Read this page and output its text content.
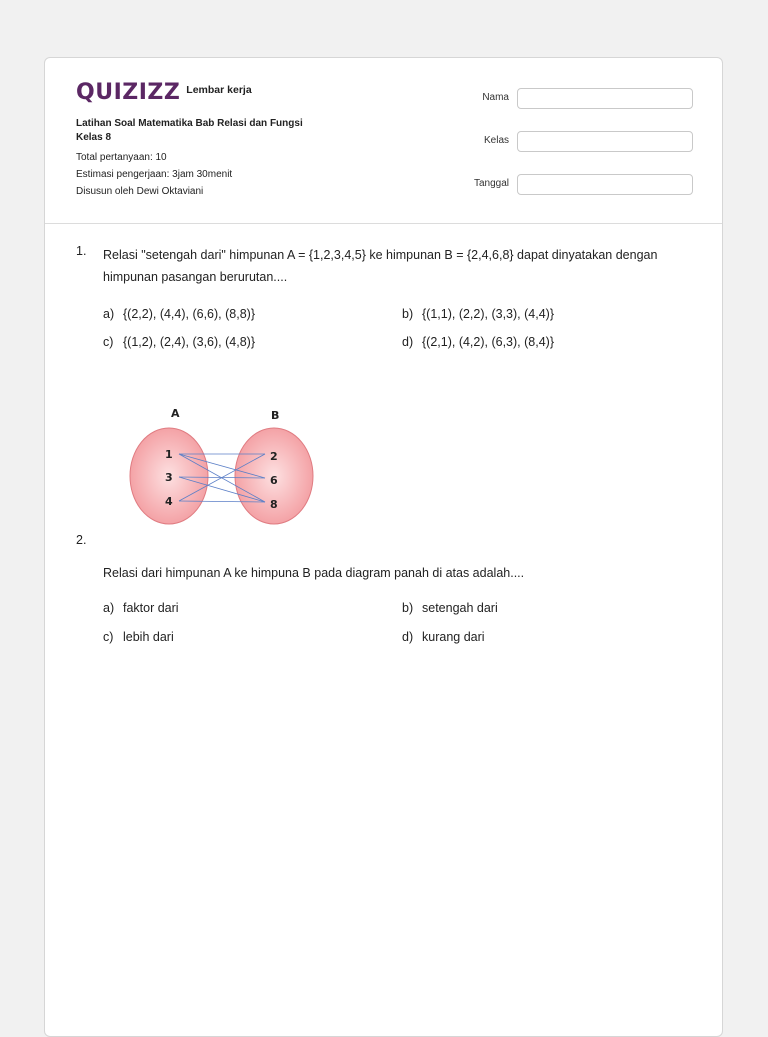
QUIZIZZ Lembar kerja
Latihan Soal Matematika Bab Relasi dan Fungsi
Kelas 8
Total pertanyaan: 10
Estimasi pengerjaan: 3jam 30menit
Disusun oleh Dewi Oktaviani
Nama
Kelas
Tanggal
1. Relasi "setengah dari" himpunan A = {1,2,3,4,5} ke himpunan B = {2,4,6,8} dapat dinyatakan dengan himpunan pasangan berurutan....
a) {(2,2), (4,4), (6,6), (8,8)}	b) {(1,1), (2,2), (3,3), (4,4)}
c) {(1,2), (2,4), (3,6), (4,8)}	d) {(2,1), (4,2), (6,3), (8,4)}
A	B
1
3
4
2
6
8
2.
Relasi dari himpunan A ke himpuna B pada diagram panah di atas adalah....
a) faktor dari	b) setengah dari
c) lebih dari	d) kurang dari
